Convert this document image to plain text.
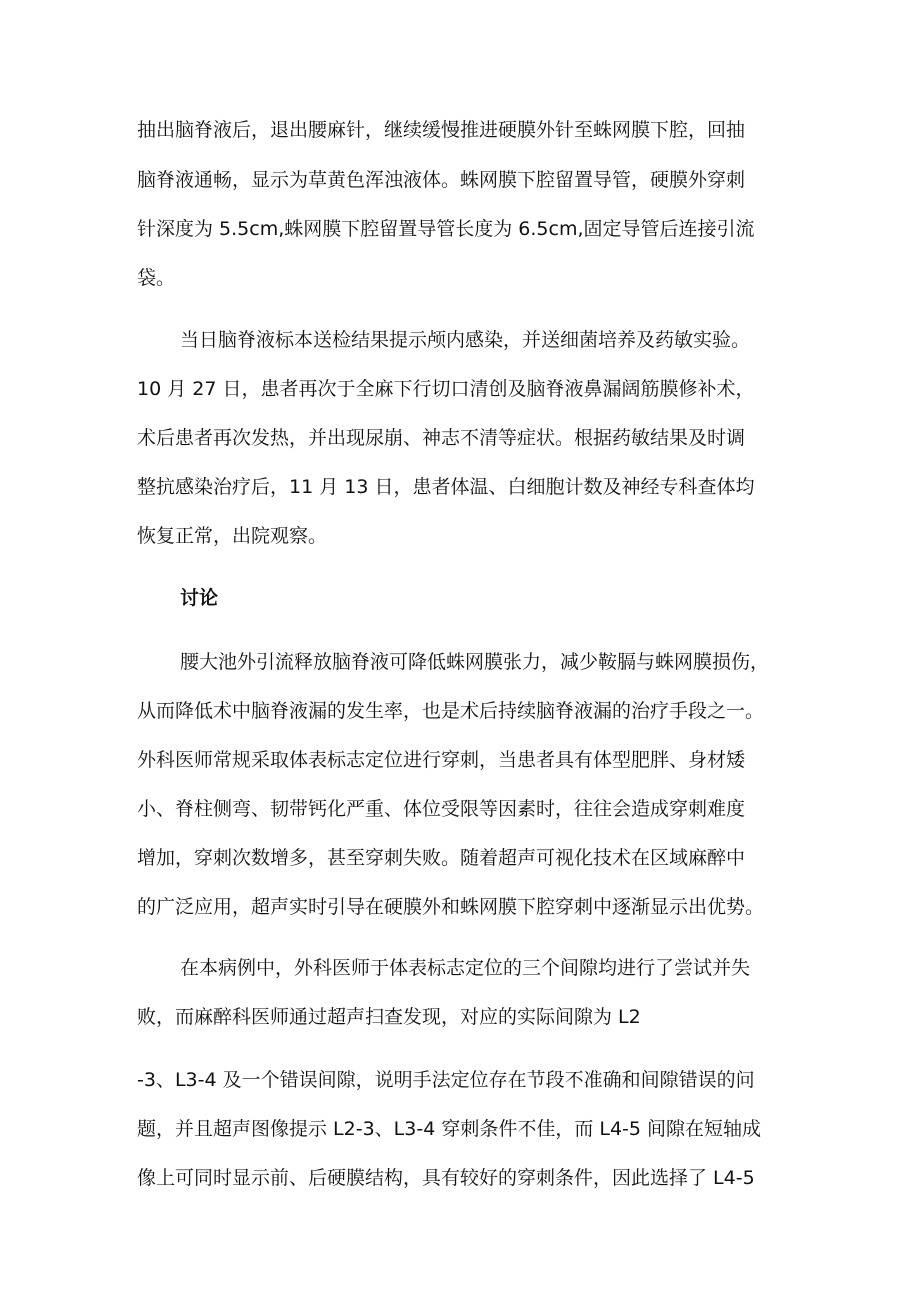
抽出脑脊液后，退出腰麻针，继续缓慢推进硬膜外针至蛛网膜下腔，回抽
脑脊液通畅，显示为草黄色浑浊液体。蛛网膜下腔留置导管，硬膜外穿刺
针深度为 5.5cm,蛛网膜下腔留置导管长度为 6.5cm,固定导管后连接引流
袋。
当日脑脊液标本送检结果提示颅内感染，并送细菌培养及药敏实验。
10 月 27 日，患者再次于全麻下行切口清创及脑脊液鼻漏阔筋膜修补术，
术后患者再次发热，并出现尿崩、神志不清等症状。根据药敏结果及时调
整抗感染治疗后，11 月 13 日，患者体温、白细胞计数及神经专科查体均
恢复正常，出院观察。
讨论
腰大池外引流释放脑脊液可降低蛛网膜张力，减少鞍膈与蛛网膜损伤，
从而降低术中脑脊液漏的发生率，也是术后持续脑脊液漏的治疗手段之一。
外科医师常规采取体表标志定位进行穿刺，当患者具有体型肥胖、身材矮
小、脊柱侧弯、韧带钙化严重、体位受限等因素时，往往会造成穿刺难度
增加，穿刺次数增多，甚至穿刺失败。随着超声可视化技术在区域麻醉中
的广泛应用，超声实时引导在硬膜外和蛛网膜下腔穿刺中逐渐显示出优势。
在本病例中，外科医师于体表标志定位的三个间隙均进行了尝试并失
败，而麻醉科医师通过超声扫查发现，对应的实际间隙为 L2
-3、L3-4 及一个错误间隙，说明手法定位存在节段不准确和间隙错误的问
题，并且超声图像提示 L2-3、L3-4 穿刺条件不佳，而 L4-5 间隙在短轴成
像上可同时显示前、后硬膜结构，具有较好的穿刺条件，因此选择了 L4-5
